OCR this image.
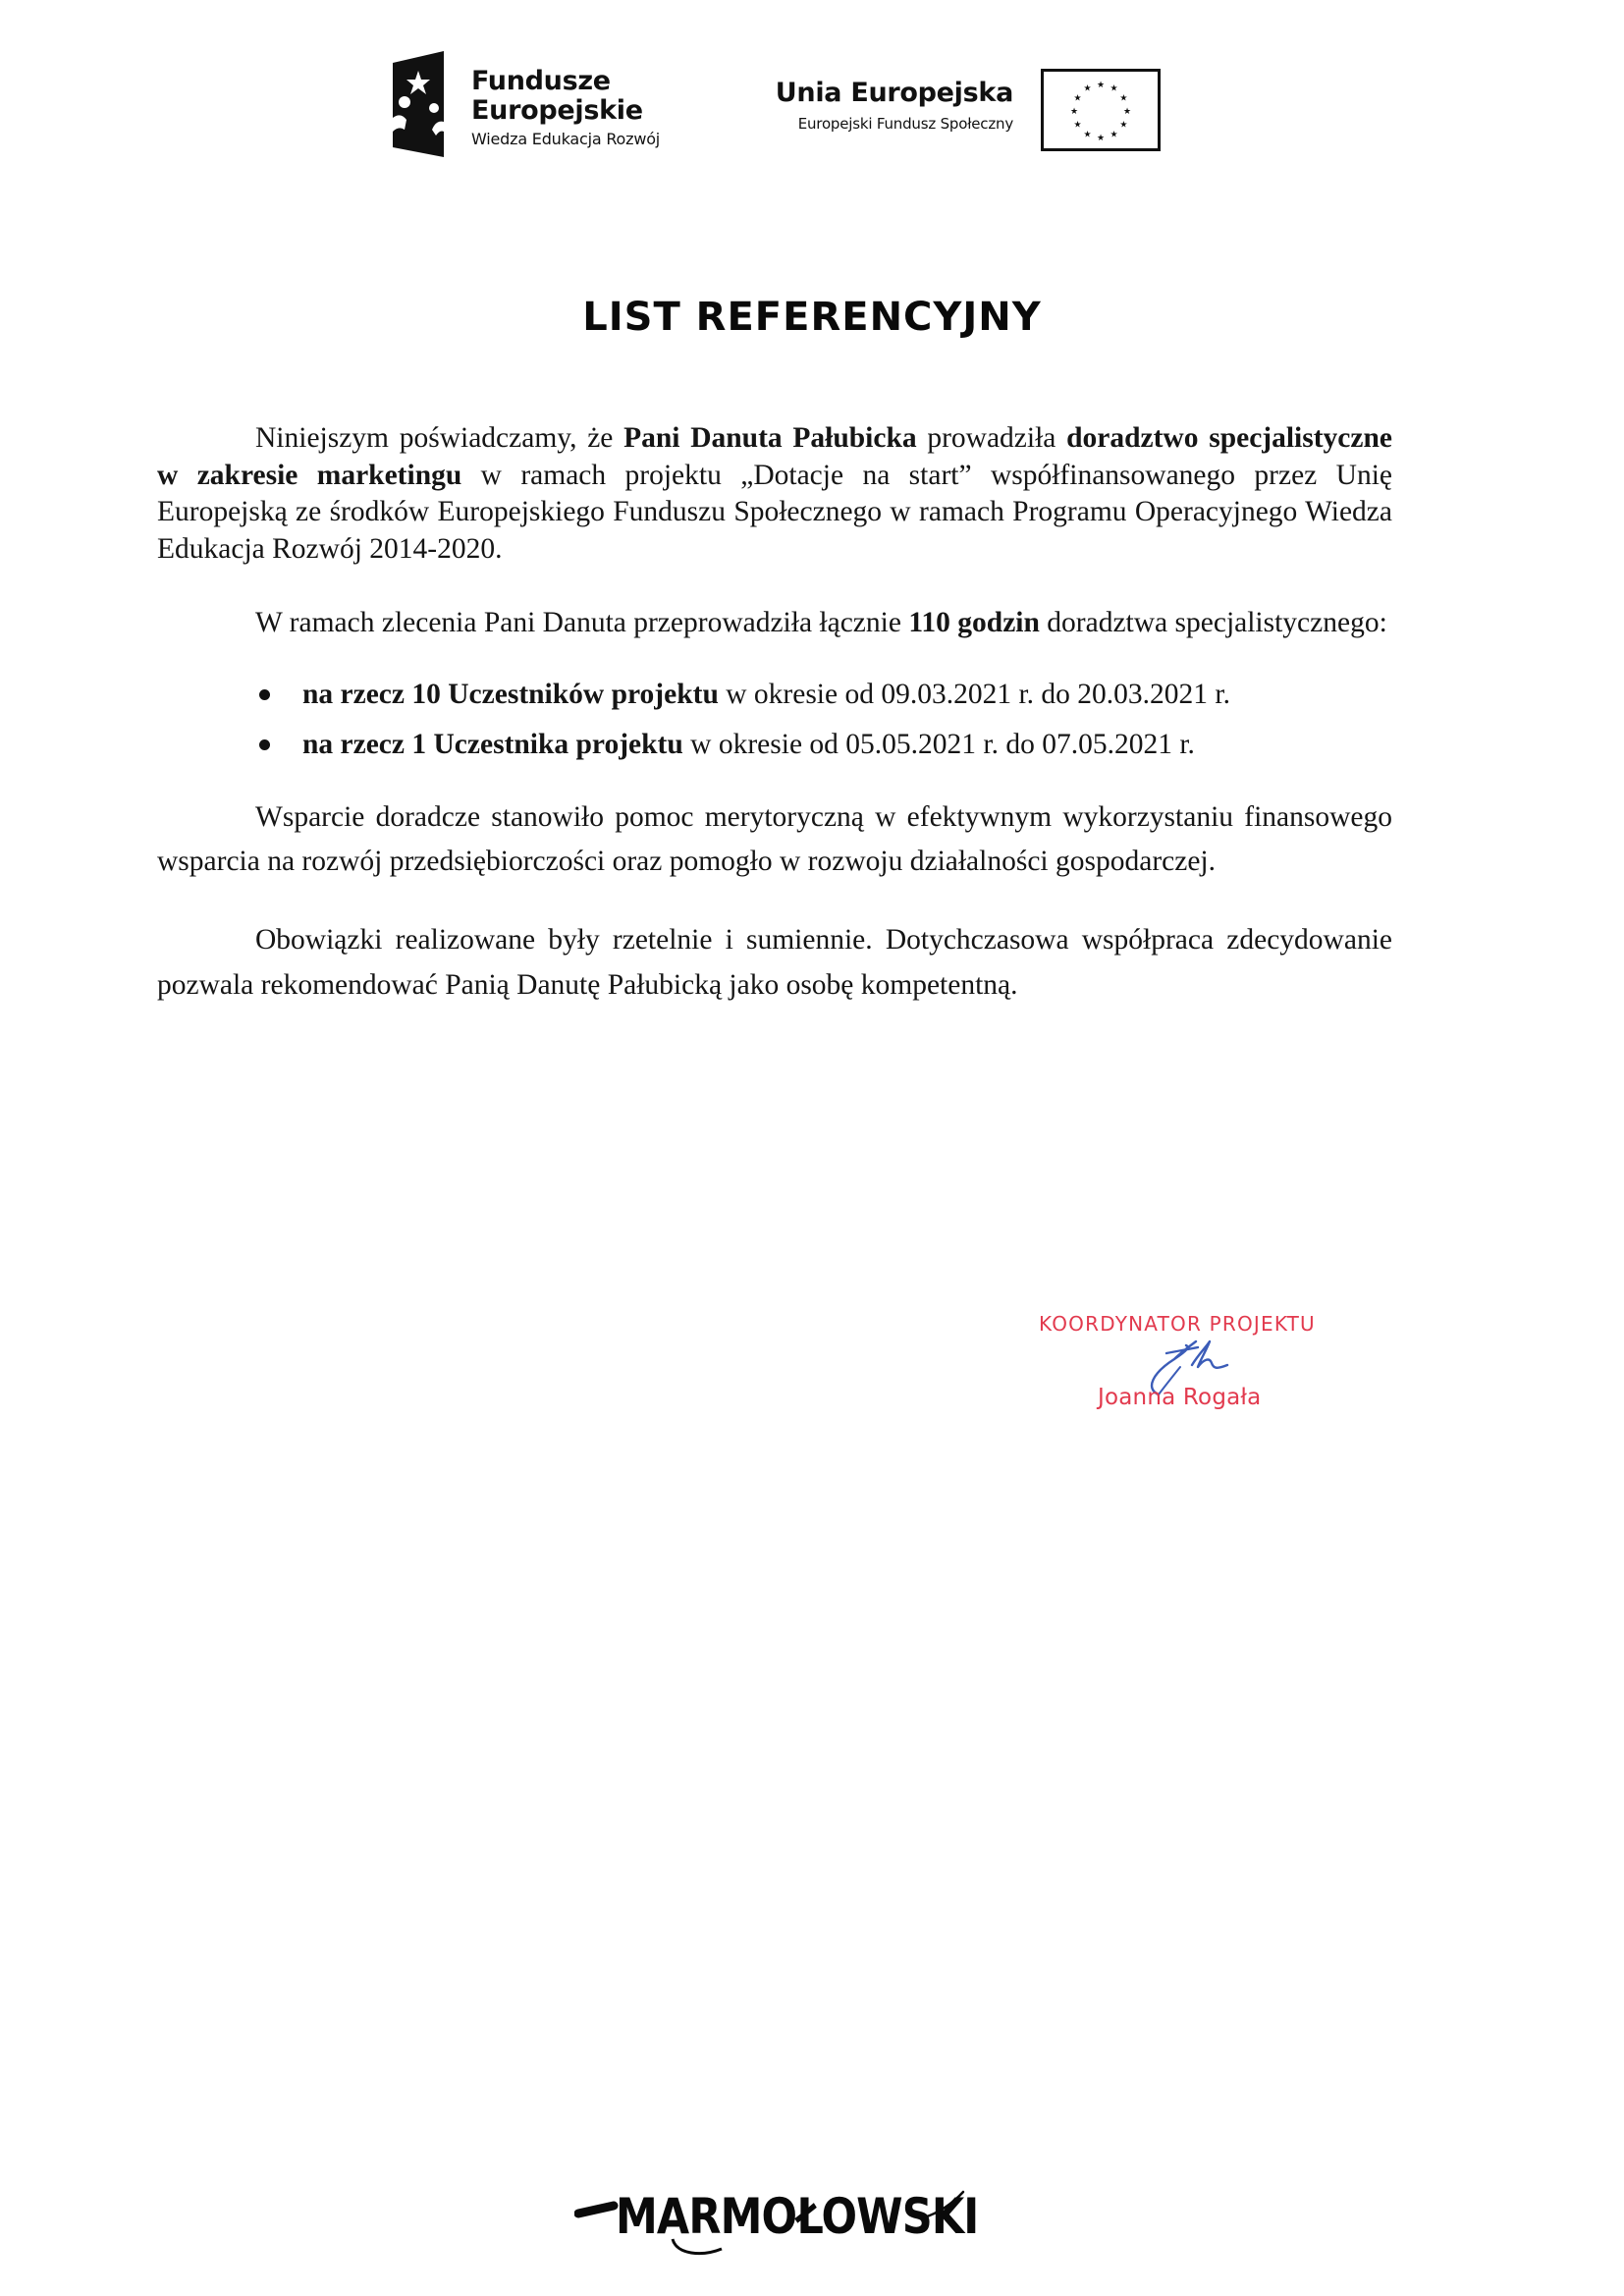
Fundusze
Europejskie
Wiedza Edukacja Rozwój
Unia Europejska
Europejski Fundusz Społeczny
★ ★
★
★
★
★
★
★
★
★
★
★
LIST REFERENCYJNY

Niniejszym poświadczamy, że Pani Danuta Pałubicka prowadziła doradztwo specjalistyczne w zakresie marketingu w ramach projektu „Dotacje na start” współfinansowanego przez Unię Europejską ze środków Europejskiego Funduszu Społecznego w ramach Programu Operacyjnego Wiedza Edukacja Rozwój 2014-2020.

W ramach zlecenia Pani Danuta przeprowadziła łącznie 110 godzin doradztwa specjalistycznego:

na rzecz 10 Uczestników projektu w okresie od 09.03.2021 r. do 20.03.2021 r.
na rzecz 1 Uczestnika projektu w okresie od 05.05.2021 r. do 07.05.2021 r.

Wsparcie doradcze stanowiło pomoc merytoryczną w efektywnym wykorzystaniu finansowego wsparcia na rozwój przedsiębiorczości oraz pomogło w rozwoju działalności gospodarczej.

Obowiązki realizowane były rzetelnie i sumiennie. Dotychczasowa współpraca zdecydowanie pozwala rekomendować Panią Danutę Pałubicką jako osobę kompetentną.

KOORDYNATOR PROJEKTU
Joanna Rogała
MARMOŁOWSKI
